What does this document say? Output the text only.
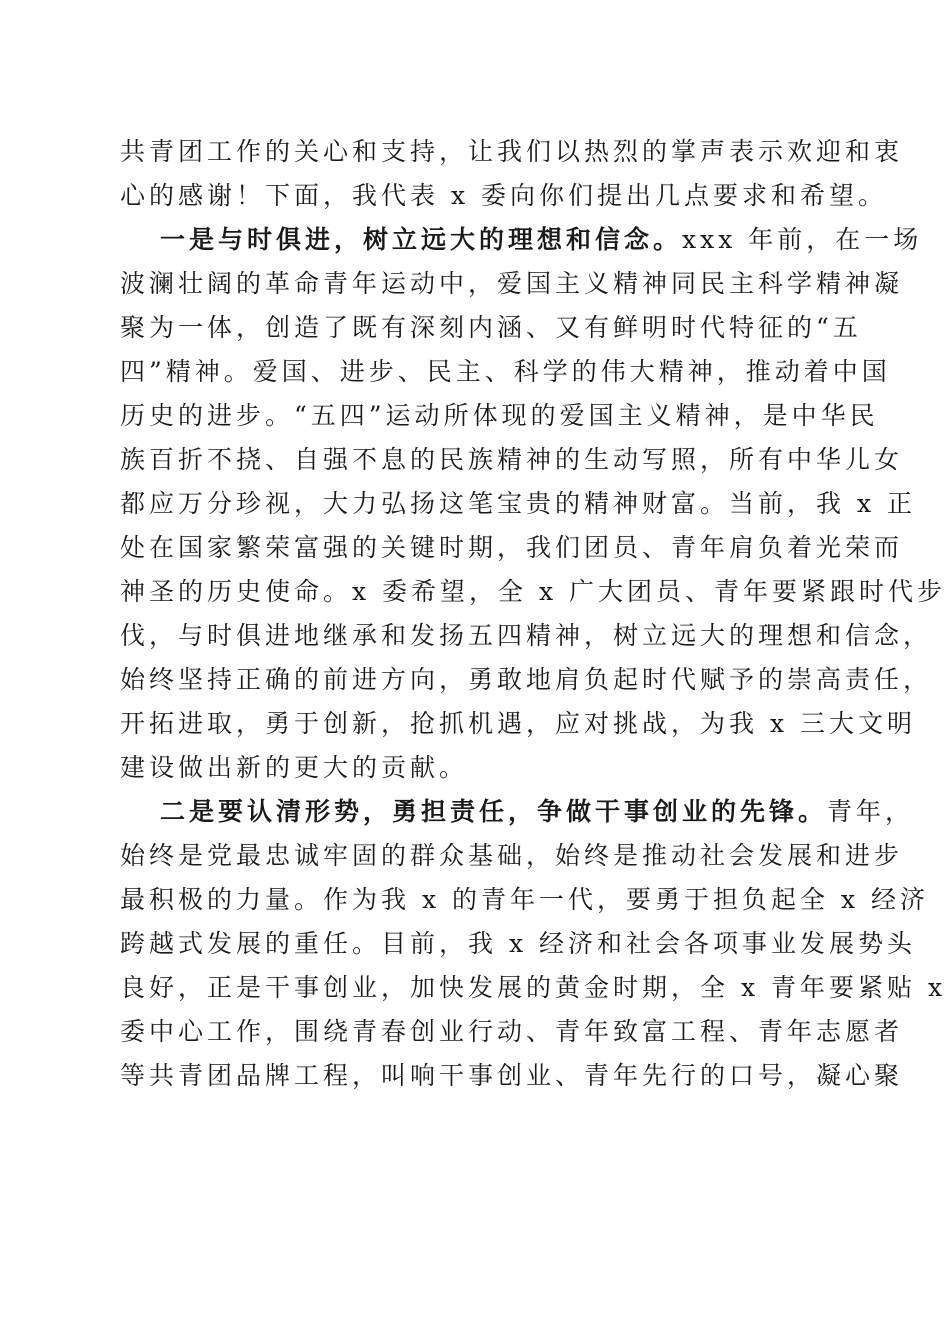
共青团工作的关心和支持，让我们以热烈的掌声表示欢迎和衷
心的感谢！下面，我代表 x 委向你们提出几点要求和希望。
一是与时俱进，树立远大的理想和信念。xxx 年前，在一场
波澜壮阔的革命青年运动中，爱国主义精神同民主科学精神凝
聚为一体，创造了既有深刻内涵、又有鲜明时代特征的“五
四”精神。爱国、进步、民主、科学的伟大精神，推动着中国
历史的进步。“五四”运动所体现的爱国主义精神，是中华民
族百折不挠、自强不息的民族精神的生动写照，所有中华儿女
都应万分珍视，大力弘扬这笔宝贵的精神财富。当前，我 x 正
处在国家繁荣富强的关键时期，我们团员、青年肩负着光荣而
神圣的历史使命。x 委希望，全 x 广大团员、青年要紧跟时代步
伐，与时俱进地继承和发扬五四精神，树立远大的理想和信念，
始终坚持正确的前进方向，勇敢地肩负起时代赋予的崇高责任，
开拓进取，勇于创新，抢抓机遇，应对挑战，为我 x 三大文明
建设做出新的更大的贡献。
二是要认清形势，勇担责任，争做干事创业的先锋。青年，
始终是党最忠诚牢固的群众基础，始终是推动社会发展和进步
最积极的力量。作为我 x 的青年一代，要勇于担负起全 x 经济
跨越式发展的重任。目前，我 x 经济和社会各项事业发展势头
良好，正是干事创业，加快发展的黄金时期，全 x 青年要紧贴 x
委中心工作，围绕青春创业行动、青年致富工程、青年志愿者
等共青团品牌工程，叫响干事创业、青年先行的口号，凝心聚
